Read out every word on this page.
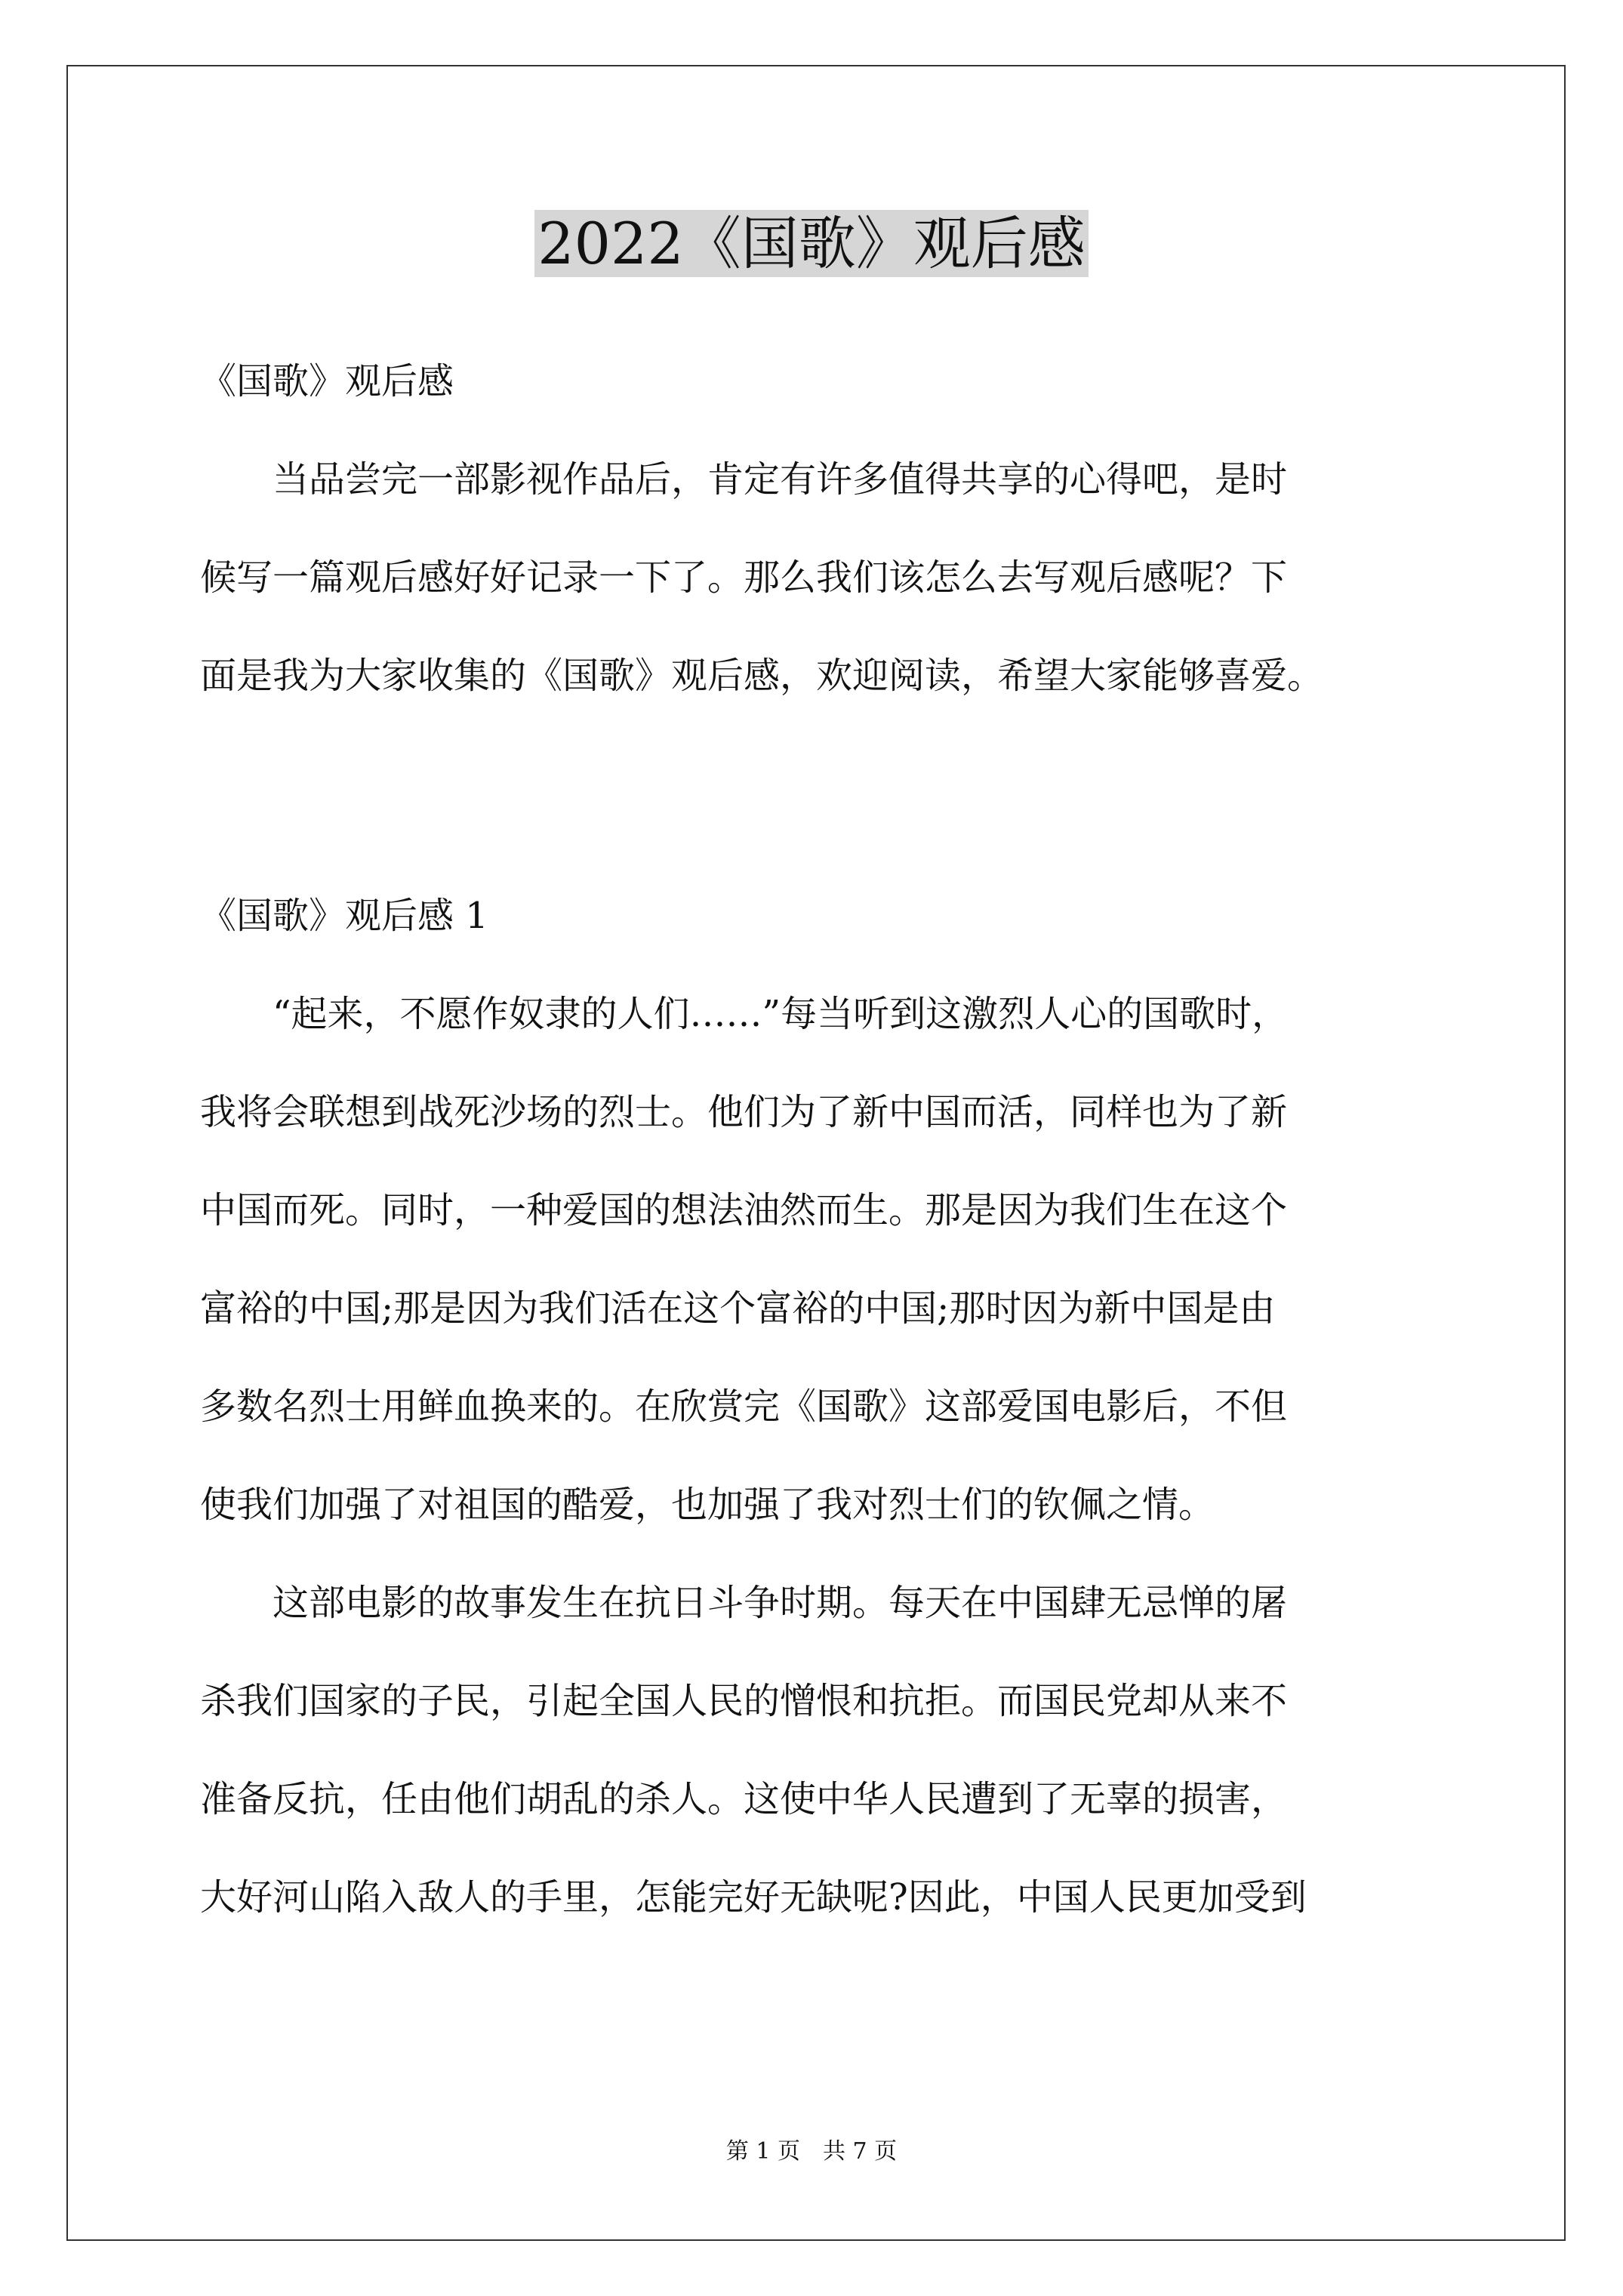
2022《国歌》观后感
《国歌》观后感
　　当品尝完一部影视作品后，肯定有许多值得共享的心得吧，是时
候写一篇观后感好好记录一下了。那么我们该怎么去写观后感呢？下
面是我为大家收集的《国歌》观后感，欢迎阅读，希望大家能够喜爱。
《国歌》观后感 1
　　“起来，不愿作奴隶的人们……”每当听到这激烈人心的国歌时，
我将会联想到战死沙场的烈士。他们为了新中国而活，同样也为了新
中国而死。同时，一种爱国的想法油然而生。那是因为我们生在这个
富裕的中国;那是因为我们活在这个富裕的中国;那时因为新中国是由
多数名烈士用鲜血换来的。在欣赏完《国歌》这部爱国电影后，不但
使我们加强了对祖国的酷爱，也加强了我对烈士们的钦佩之情。
　　这部电影的故事发生在抗日斗争时期。每天在中国肆无忌惮的屠
杀我们国家的子民，引起全国人民的憎恨和抗拒。而国民党却从来不
准备反抗，任由他们胡乱的杀人。这使中华人民遭到了无辜的损害，
大好河山陷入敌人的手里，怎能完好无缺呢?因此，中国人民更加受到
第 1 页　共 7 页
